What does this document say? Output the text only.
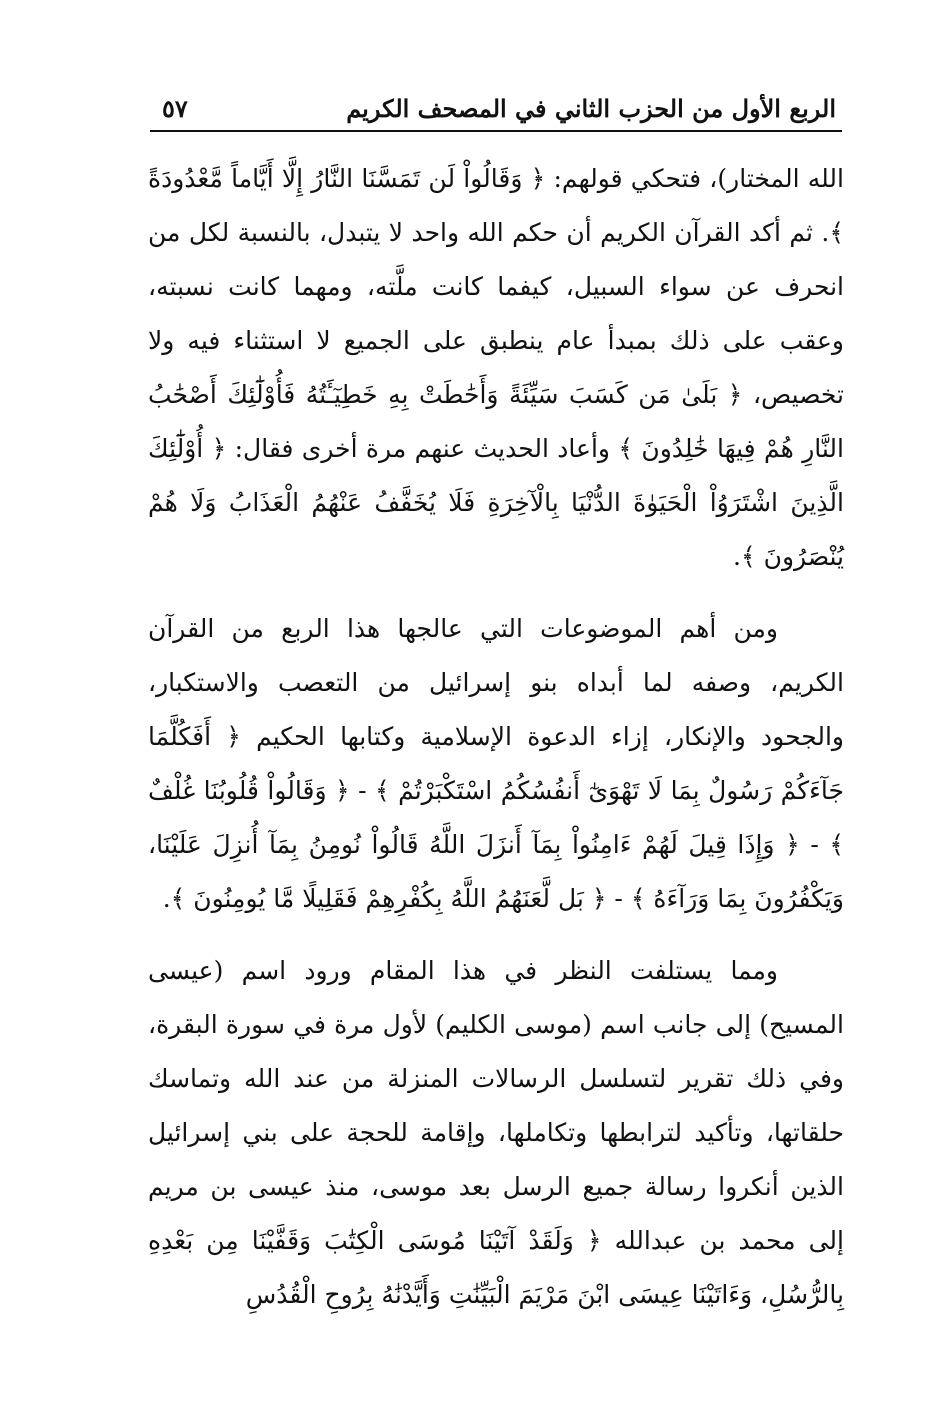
الربع الأول من الحزب الثاني في المصحف الكريم
٥٧

الله المختار)، فتحكي قولهم: ﴿ وَقَالُواْ لَن تَمَسَّنَا النَّارُ إِلَّا أَيَّاماً مَّعْدُودَةً ﴾. ثم أكد القرآن الكريم أن حكم الله واحد لا يتبدل، بالنسبة لكل من انحرف عن سواء السبيل، كيفما كانت ملَّته، ومهما كانت نسبته، وعقب على ذلك بمبدأ عام ينطبق على الجميع لا استثناء فيه ولا تخصيص، ﴿ بَلَىٰ مَن كَسَبَ سَيِّئَةً وَأَحَٰطَتْ بِهِ خَطِيٓـَٔتُهُ فَأُوْلَٰٓئِكَ أَصْحَٰبُ النَّارِ هُمْ فِيهَا خَٰلِدُونَ ﴾ وأعاد الحديث عنهم مرة أخرى فقال: ﴿ أُوْلَٰٓئِكَ الَّذِينَ اشْتَرَوُاْ الْحَيَوٰةَ الدُّنْيَا بِالْآخِرَةِ فَلَا يُخَفَّفُ عَنْهُمُ الْعَذَابُ وَلَا هُمْ يُنْصَرُونَ ﴾.

ومن أهم الموضوعات التي عالجها هذا الربع من القرآن الكريم، وصفه لما أبداه بنو إسرائيل من التعصب والاستكبار، والجحود والإنكار، إزاء الدعوة الإسلامية وكتابها الحكيم ﴿ أَفَكُلَّمَا جَآءَكُمْ رَسُولٌ بِمَا لَا تَهْوَىٰٓ أَنفُسُكُمُ اسْتَكْبَرْتُمْ ﴾ - ﴿ وَقَالُواْ قُلُوبُنَا غُلْفٌ ﴾ - ﴿ وَإِذَا قِيلَ لَهُمْ ءَامِنُواْ بِمَآ أَنزَلَ اللَّهُ قَالُواْ نُومِنُ بِمَآ أُنزِلَ عَلَيْنَا، وَيَكْفُرُونَ بِمَا وَرَآءَهُ ﴾ - ﴿ بَل لَّعَنَهُمُ اللَّهُ بِكُفْرِهِمْ فَقَلِيلًا مَّا يُومِنُونَ ﴾.

ومما يستلفت النظر في هذا المقام ورود اسم (عيسى المسيح) إلى جانب اسم (موسى الكليم) لأول مرة في سورة البقرة، وفي ذلك تقرير لتسلسل الرسالات المنزلة من عند الله وتماسك حلقاتها، وتأكيد لترابطها وتكاملها، وإقامة للحجة على بني إسرائيل الذين أنكروا رسالة جميع الرسل بعد موسى، منذ عيسى بن مريم إلى محمد بن عبدالله ﴿ وَلَقَدْ آتَيْنَا مُوسَى الْكِتَٰبَ وَقَفَّيْنَا مِن بَعْدِهِ بِالرُّسُلِ، وَءَاتَيْنَا عِيسَى ابْنَ مَرْيَمَ الْبَيِّنَٰتِ وَأَيَّدْنَٰهُ بِرُوحِ الْقُدُسِ
